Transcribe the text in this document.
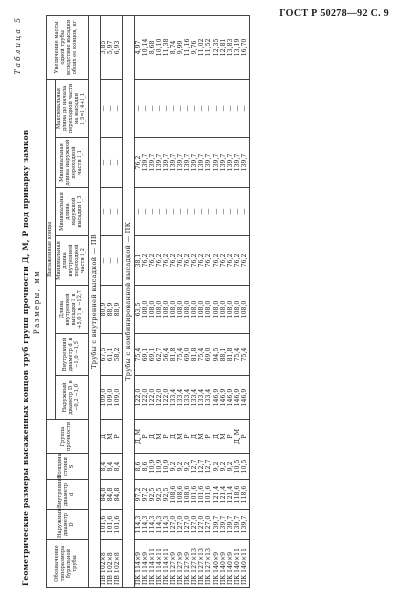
ГОСТ Р 50278—92 С. 9
Таблица 5
Геометрические размеры высаженных концов труб групп прочности Д, М, Р под приварку замков Размеры, мм
Обозначение типоразмера бурильной трубы	Наружный диаметр D	Внутренний диаметр d	Толщина стенки S	Группа прочности	Высаженные концы							Увеличение массы одной трубы вследствие высадки обоих ее концов, кг
					Наружный диаметр D_в −0,2 −1,0	Внутренний диаметр d_в −1,0 −1,5	Длина внутренней высадки l_в +5,0 l_в −12,7	Минимальная длина внутренней переходной части l_2	Минимальная длина наружной высадки l_3	Минимальная длина наружной переходной части l_1	Максимальная длина до начала переходной части на высадки l_5=l_4+l_1	
Трубы с внутренней высадкой — ПВ												
ПВ 102×8	101,6	84,8	8,4	Д	109,0	67,5	80,9	—	—	—	—	3,85
ПВ 102×8	101,6	84,8	8,4	М	109,0	61,1	88,9	—	—	—	—	5,97
ПВ 102×8	101,6	84,8	8,4	Р	109,0	58,2	88,9	—	—	—	—	6,93
Трубы с комбинированной высадкой — ПК												
ПК 114×9	114,3	97,2	8,6	Д, М	122,0	75,4	63,5	38,1	—	76,2	—	4,97
ПК 114×9	114,3	97,2	8,6	Р	122,0	69,1	108,0	76,2	—	139,7	—	10,14
ПК 114×11	114,3	92,5	10,9	Д	122,0	69,1	108,0	76,2	—	139,7	—	8,68
ПК 114×11	114,3	92,5	10,9	М	122,0	62,7	108,0	76,2	—	139,7	—	10,10
ПК 114×11	114,3	92,5	10,9	Р	122,0	56,4	108,0	76,2	—	139,7	—	11,38
ПК 127×9	127,0	108,6	9,2	Д	133,4	81,8	108,0	76,2	—	139,7	—	8,74
ПК 127×9	127,0	108,6	9,2	М	133,4	75,4	108,0	76,2	—	139,7	—	9,99
ПК 127×9	127,0	108,6	9,2	Р	133,4	69,0	108,0	76,2	—	139,7	—	11,16
ПК 127×13	127,0	101,6	12,7	Д	133,4	81,8	108,0	76,2	—	139,7	—	9,76
ПК 127×13	127,0	101,6	12,7	М	133,4	75,4	108,0	76,2	—	139,7	—	11,02
ПК 127×13	127,0	101,6	12,7	Р	133,4	69,0	108,0	76,2	—	139,7	—	11,52
ПК 140×9	139,7	121,4	9,2	Д	146,9	94,5	108,0	76,2	—	139,7	—	12,35
ПК 140×9	139,7	121,4	9,2	М	146,9	88,1	108,0	76,2	—	139,7	—	12,81
ПК 140×9	139,7	121,4	9,2	Р	146,9	81,8	108,0	76,2	—	139,7	—	13,83
ПК 140×11	139,7	118,6	10,5	Д, М	146,9	75,4	108,0	76,2	—	139,7	—	13,19
ПК 140×11	139,7	118,6	10,5	Р	146,9	75,4	108,0	76,2	—	139,7	—	16,70
